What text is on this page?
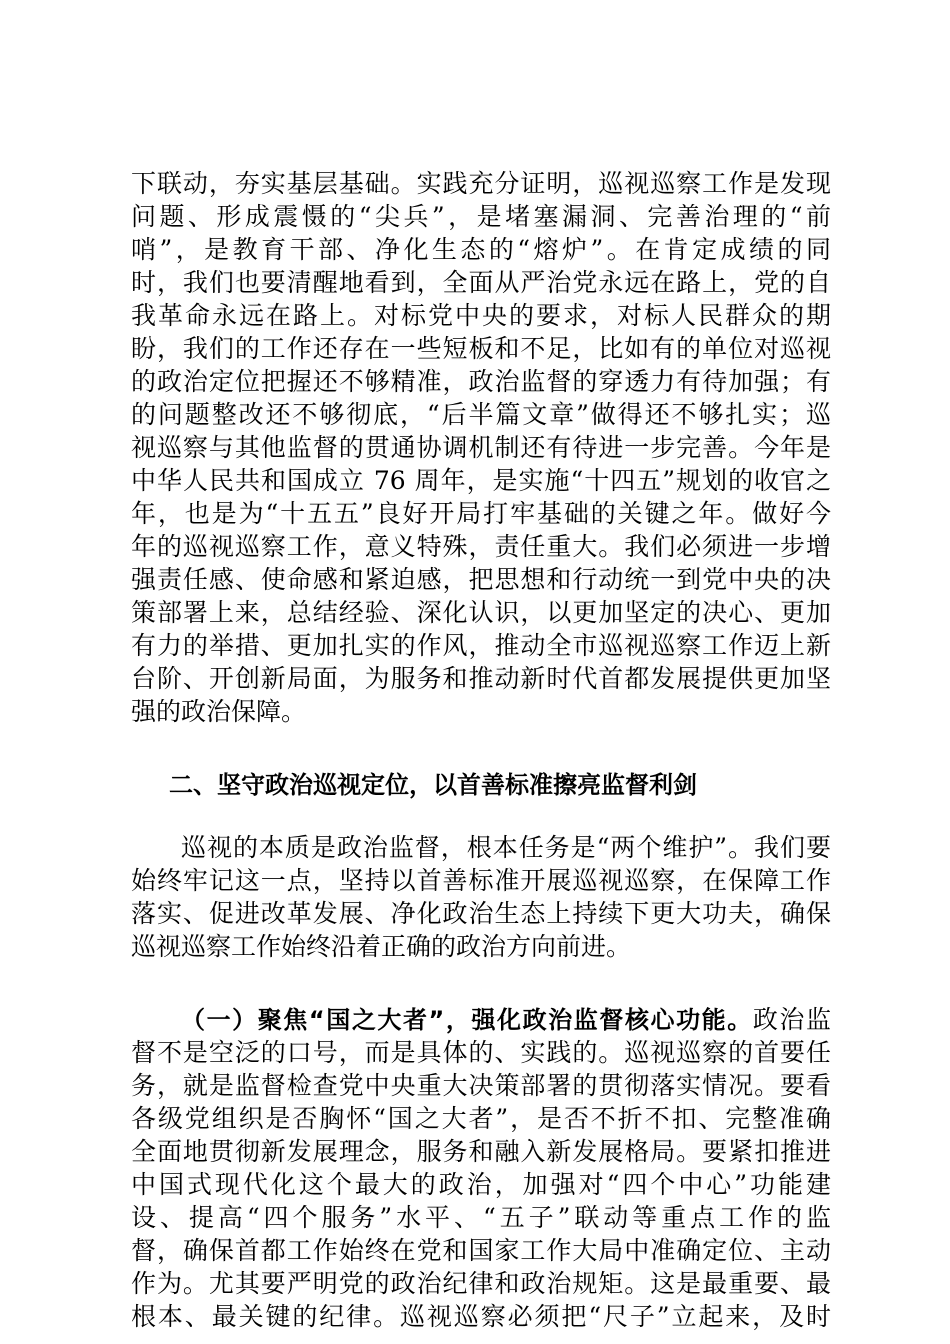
下联动，夯实基层基础。实践充分证明，巡视巡察工作是发现
问题、形成震慑的“尖兵”，是堵塞漏洞、完善治理的“前
哨”，是教育干部、净化生态的“熔炉”。在肯定成绩的同
时，我们也要清醒地看到，全面从严治党永远在路上，党的自
我革命永远在路上。对标党中央的要求，对标人民群众的期
盼，我们的工作还存在一些短板和不足，比如有的单位对巡视
的政治定位把握还不够精准，政治监督的穿透力有待加强；有
的问题整改还不够彻底，“后半篇文章”做得还不够扎实；巡
视巡察与其他监督的贯通协调机制还有待进一步完善。今年是
中华人民共和国成立 76 周年，是实施“十四五”规划的收官之
年，也是为“十五五”良好开局打牢基础的关键之年。做好今
年的巡视巡察工作，意义特殊，责任重大。我们必须进一步增
强责任感、使命感和紧迫感，把思想和行动统一到党中央的决
策部署上来，总结经验、深化认识，以更加坚定的决心、更加
有力的举措、更加扎实的作风，推动全市巡视巡察工作迈上新
台阶、开创新局面，为服务和推动新时代首都发展提供更加坚
强的政治保障。
二、坚守政治巡视定位，以首善标准擦亮监督利剑
巡视的本质是政治监督，根本任务是“两个维护”。我们要
始终牢记这一点，坚持以首善标准开展巡视巡察，在保障工作
落实、促进改革发展、净化政治生态上持续下更大功夫，确保
巡视巡察工作始终沿着正确的政治方向前进。
（一）聚焦“国之大者”，强化政治监督核心功能。政治监
督不是空泛的口号，而是具体的、实践的。巡视巡察的首要任
务，就是监督检查党中央重大决策部署的贯彻落实情况。要看
各级党组织是否胸怀“国之大者”，是否不折不扣、完整准确
全面地贯彻新发展理念，服务和融入新发展格局。要紧扣推进
中国式现代化这个最大的政治，加强对“四个中心”功能建
设、提高“四个服务”水平、“五子”联动等重点工作的监
督，确保首都工作始终在党和国家工作大局中准确定位、主动
作为。尤其要严明党的政治纪律和政治规矩。这是最重要、最
根本、最关键的纪律。巡视巡察必须把“尺子”立起来，及时
